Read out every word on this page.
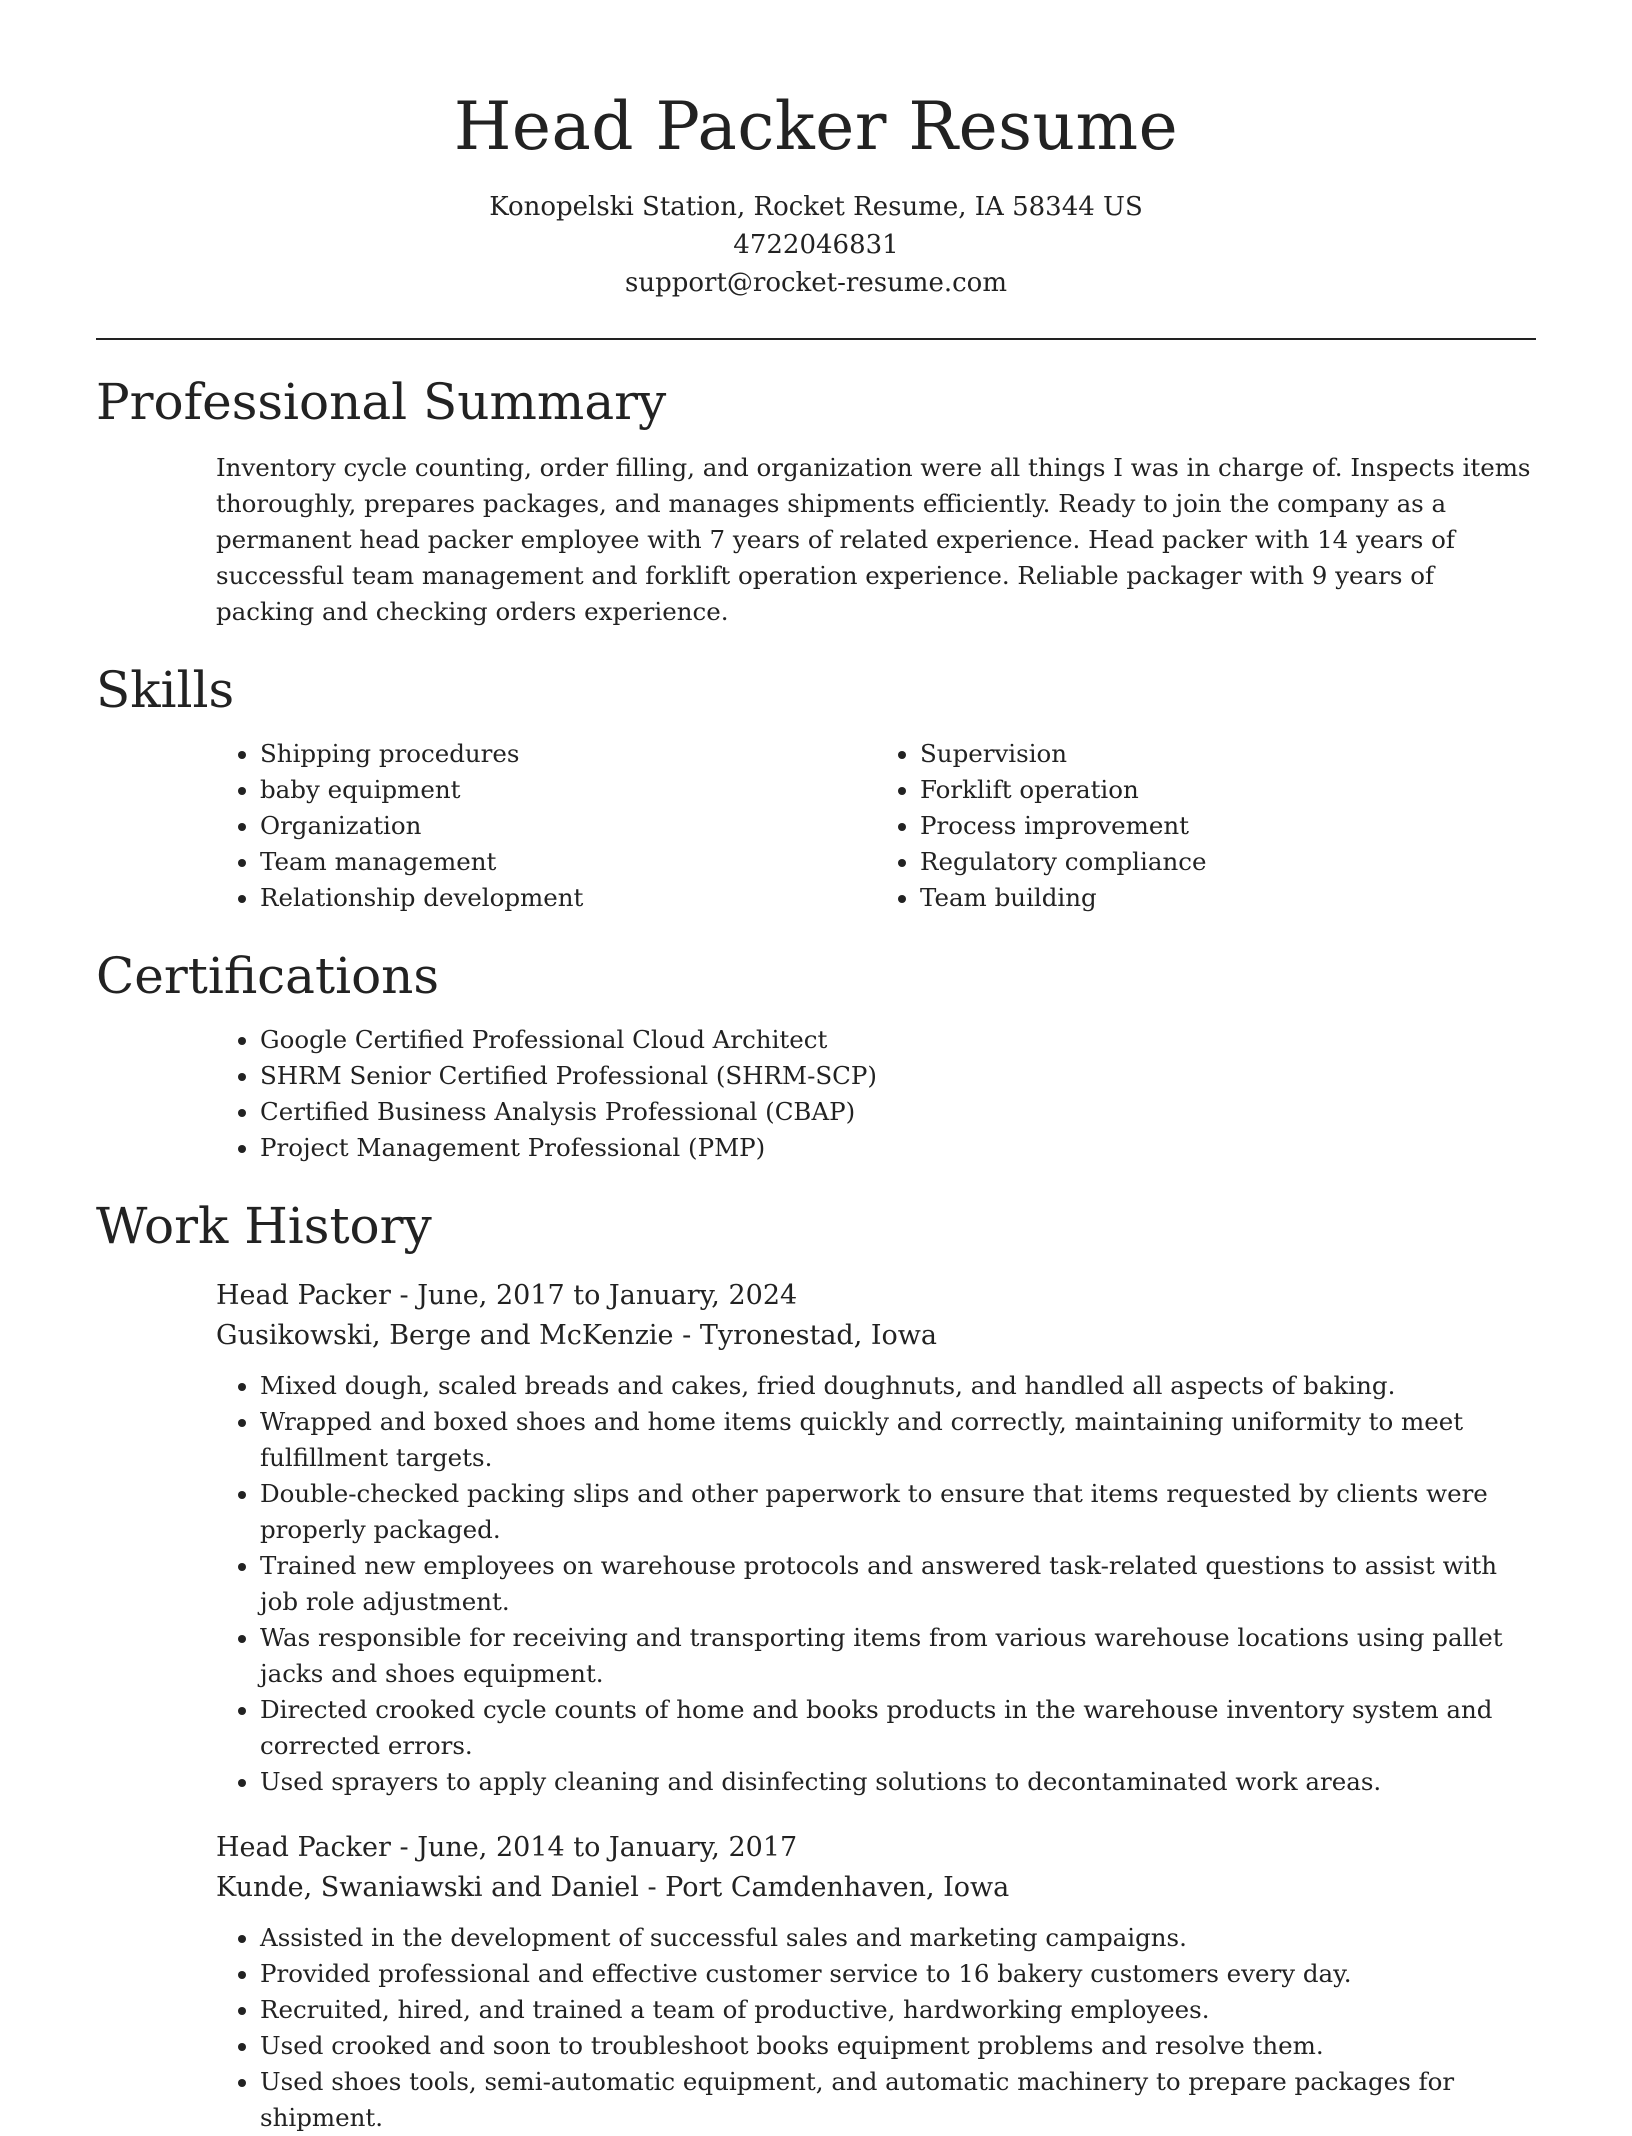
Head Packer Resume
Konopelski Station, Rocket Resume, IA 58344 US
4722046831
support@rocket-resume.com
Professional Summary

Inventory cycle counting, order filling, and organization were all things I was in charge of. Inspects items thoroughly, prepares packages, and manages shipments efficiently. Ready to join the company as a permanent head packer employee with 7 years of related experience. Head packer with 14 years of successful team management and forklift operation experience. Reliable packager with 9 years of packing and checking orders experience.

Skills
• Shipping procedures
• baby equipment
• Organization
• Team management
• Relationship development
• Supervision
• Forklift operation
• Process improvement
• Regulatory compliance
• Team building
Certifications
• Google Certified Professional Cloud Architect
• SHRM Senior Certified Professional (SHRM-SCP)
• Certified Business Analysis Professional (CBAP)
• Project Management Professional (PMP)
Work History
Head Packer - June, 2017 to January, 2024
Gusikowski, Berge and McKenzie - Tyronestad, Iowa
• Mixed dough, scaled breads and cakes, fried doughnuts, and handled all aspects of baking.
• Wrapped and boxed shoes and home items quickly and correctly, maintaining uniformity to meet fulfillment targets.
• Double-checked packing slips and other paperwork to ensure that items requested by clients were properly packaged.
• Trained new employees on warehouse protocols and answered task-related questions to assist with job role adjustment.
• Was responsible for receiving and transporting items from various warehouse locations using pallet jacks and shoes equipment.
• Directed crooked cycle counts of home and books products in the warehouse inventory system and corrected errors.
• Used sprayers to apply cleaning and disinfecting solutions to decontaminated work areas.
Head Packer - June, 2014 to January, 2017
Kunde, Swaniawski and Daniel - Port Camdenhaven, Iowa
• Assisted in the development of successful sales and marketing campaigns.
• Provided professional and effective customer service to 16 bakery customers every day.
• Recruited, hired, and trained a team of productive, hardworking employees.
• Used crooked and soon to troubleshoot books equipment problems and resolve them.
• Used shoes tools, semi-automatic equipment, and automatic machinery to prepare packages for shipment.
